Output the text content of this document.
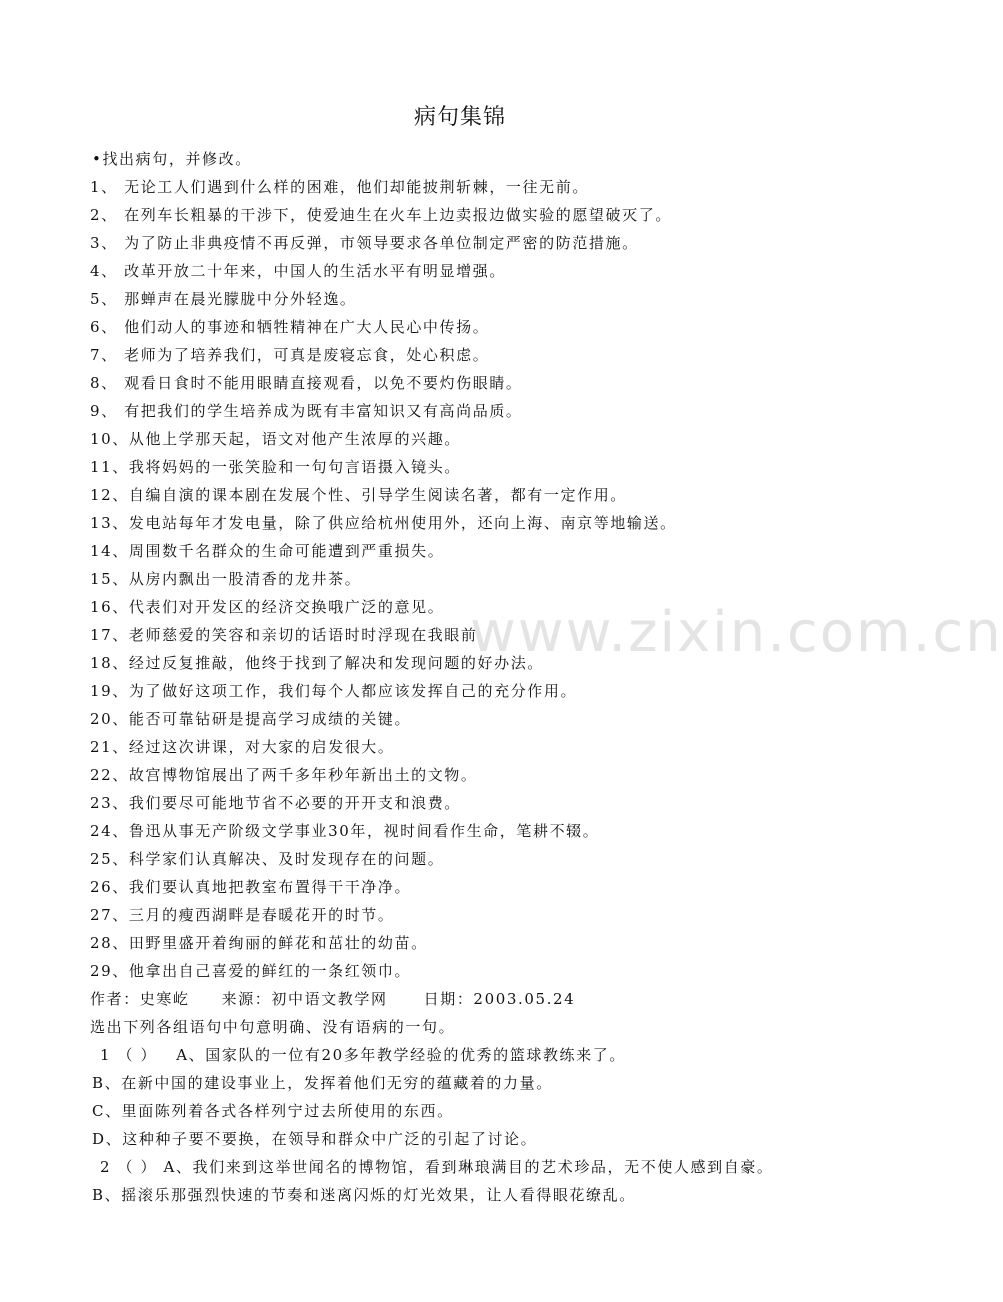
病句集锦
•找出病句，并修改。
1、 无论工人们遇到什么样的困难，他们却能披荆斩棘，一往无前。
2、 在列车长粗暴的干涉下，使爱迪生在火车上边卖报边做实验的愿望破灭了。
3、 为了防止非典疫情不再反弹，市领导要求各单位制定严密的防范措施。
4、 改革开放二十年来，中国人的生活水平有明显增强。
5、 那蝉声在晨光朦胧中分外轻逸。
6、 他们动人的事迹和牺牲精神在广大人民心中传扬。
7、 老师为了培养我们，可真是废寝忘食，处心积虑。
8、 观看日食时不能用眼睛直接观看，以免不要灼伤眼睛。
9、 有把我们的学生培养成为既有丰富知识又有高尚品质。
10、从他上学那天起，语文对他产生浓厚的兴趣。
11、我将妈妈的一张笑脸和一句句言语摄入镜头。
12、自编自演的课本剧在发展个性、引导学生阅读名著，都有一定作用。
13、发电站每年才发电量，除了供应给杭州使用外，还向上海、南京等地输送。
14、周围数千名群众的生命可能遭到严重损失。
15、从房内飘出一股清香的龙井茶。
16、代表们对开发区的经济交换哦广泛的意见。
17、老师慈爱的笑容和亲切的话语时时浮现在我眼前。
18、经过反复推敲，他终于找到了解决和发现问题的好办法。
19、为了做好这项工作，我们每个人都应该发挥自己的充分作用。
20、能否可靠钻研是提高学习成绩的关键。
21、经过这次讲课，对大家的启发很大。
22、故宫博物馆展出了两千多年秒年新出土的文物。
23、我们要尽可能地节省不必要的开开支和浪费。
24、鲁迅从事无产阶级文学事业30年，视时间看作生命，笔耕不辍。
25、科学家们认真解决、及时发现存在的问题。
26、我们要认真地把教室布置得干干净净。
27、三月的瘦西湖畔是春暖花开的时节。
28、田野里盛开着绚丽的鲜花和茁壮的幼苗。
29、他拿出自己喜爱的鲜红的一条红领巾。
作者：史寒屹 来源：初中语文教学网 日期：2003.05.24
选出下列各组语句中句意明确、没有语病的一句。
1 （ ） A、国家队的一位有20多年教学经验的优秀的篮球教练来了。
B、在新中国的建设事业上，发挥着他们无穷的蕴藏着的力量。
C、里面陈列着各式各样列宁过去所使用的东西。
D、这种种子要不要换，在领导和群众中广泛的引起了讨论。
2 （ ） A、我们来到这举世闻名的博物馆，看到琳琅满目的艺术珍品，无不使人感到自豪。
B、摇滚乐那强烈快速的节奏和迷离闪烁的灯光效果，让人看得眼花缭乱。
www.zixin.com.cn
